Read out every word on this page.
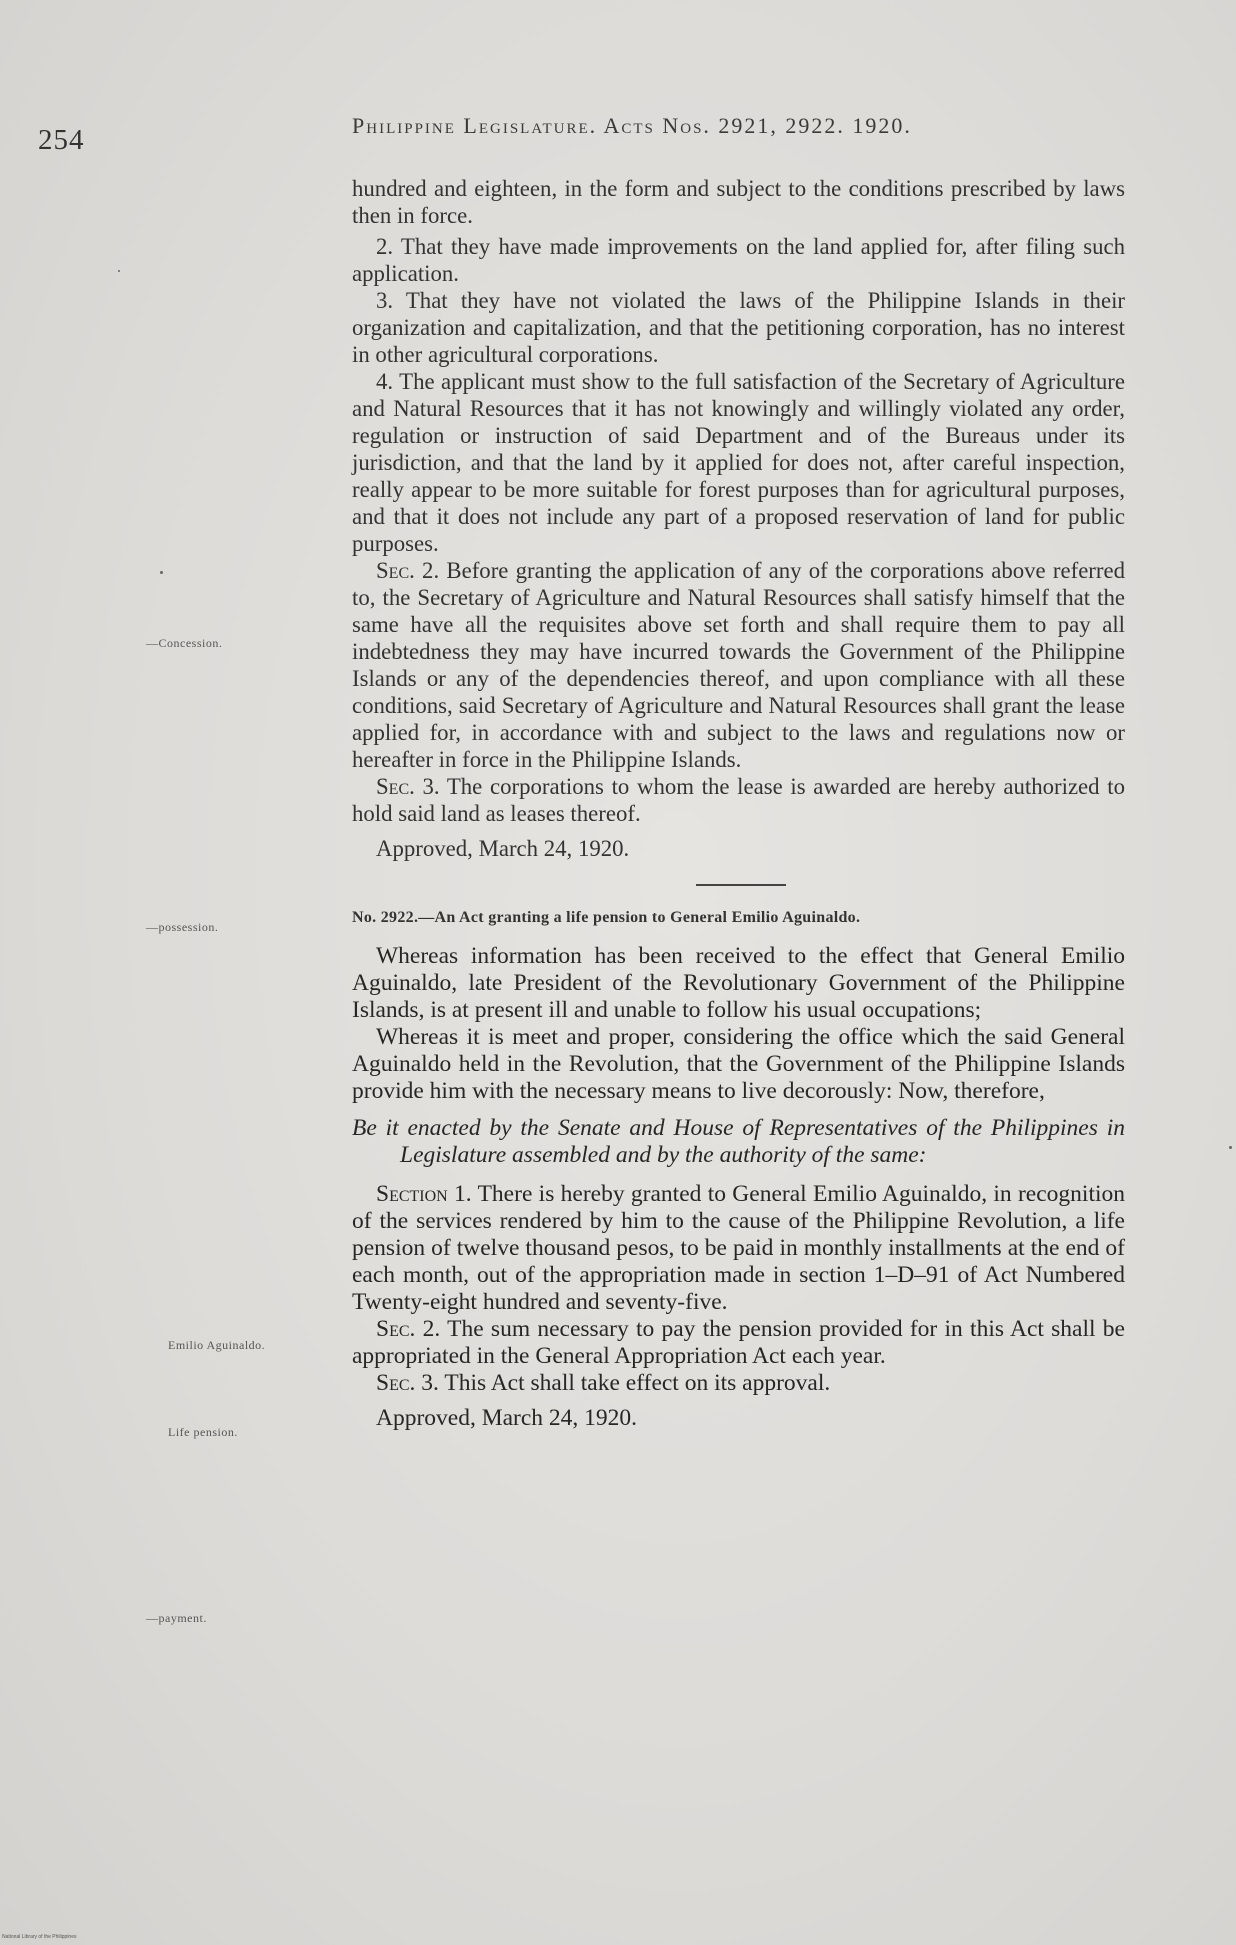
254	Philippine Legislature. Acts Nos. 2921, 2922. 1920.
—Concession.
—possession.
Emilio Aguinaldo.
Life pension.
—payment.

hundred and eighteen, in the form and subject to the conditions prescribed by laws then in force.

2. That they have made improvements on the land applied for, after filing such application.

3. That they have not violated the laws of the Philippine Islands in their organization and capitalization, and that the petitioning corporation, has no interest in other agricultural corporations.

4. The applicant must show to the full satisfaction of the Secretary of Agriculture and Natural Resources that it has not knowingly and willingly violated any order, regulation or instruction of said Department and of the Bureaus under its jurisdiction, and that the land by it applied for does not, after careful inspection, really appear to be more suitable for forest purposes than for agricultural purposes, and that it does not include any part of a proposed reservation of land for public purposes.

Sec. 2. Before granting the application of any of the corporations above referred to, the Secretary of Agriculture and Natural Resources shall satisfy himself that the same have all the requisites above set forth and shall require them to pay all indebtedness they may have incurred towards the Government of the Philippine Islands or any of the dependencies thereof, and upon compliance with all these conditions, said Secretary of Agriculture and Natural Resources shall grant the lease applied for, in accordance with and subject to the laws and regulations now or hereafter in force in the Philippine Islands.

Sec. 3. The corporations to whom the lease is awarded are hereby authorized to hold said land as leases thereof.

Approved, March 24, 1920.

No. 2922.—An Act granting a life pension to General Emilio Aguinaldo.

Whereas information has been received to the effect that General Emilio Aguinaldo, late President of the Revolutionary Government of the Philippine Islands, is at present ill and unable to follow his usual occupations;

Whereas it is meet and proper, considering the office which the said General Aguinaldo held in the Revolution, that the Government of the Philippine Islands provide him with the necessary means to live decorously: Now, therefore,

Be it enacted by the Senate and House of Representatives of the Philippines in Legislature assembled and by the authority of the same:

Section 1. There is hereby granted to General Emilio Aguinaldo, in recognition of the services rendered by him to the cause of the Philippine Revolution, a life pension of twelve thousand pesos, to be paid in monthly installments at the end of each month, out of the appropriation made in section 1–D–91 of Act Numbered Twenty-eight hundred and seventy-five.

Sec. 2. The sum necessary to pay the pension provided for in this Act shall be appropriated in the General Appropriation Act each year.

Sec. 3. This Act shall take effect on its approval.

Approved, March 24, 1920.

National Library of the Philippines
